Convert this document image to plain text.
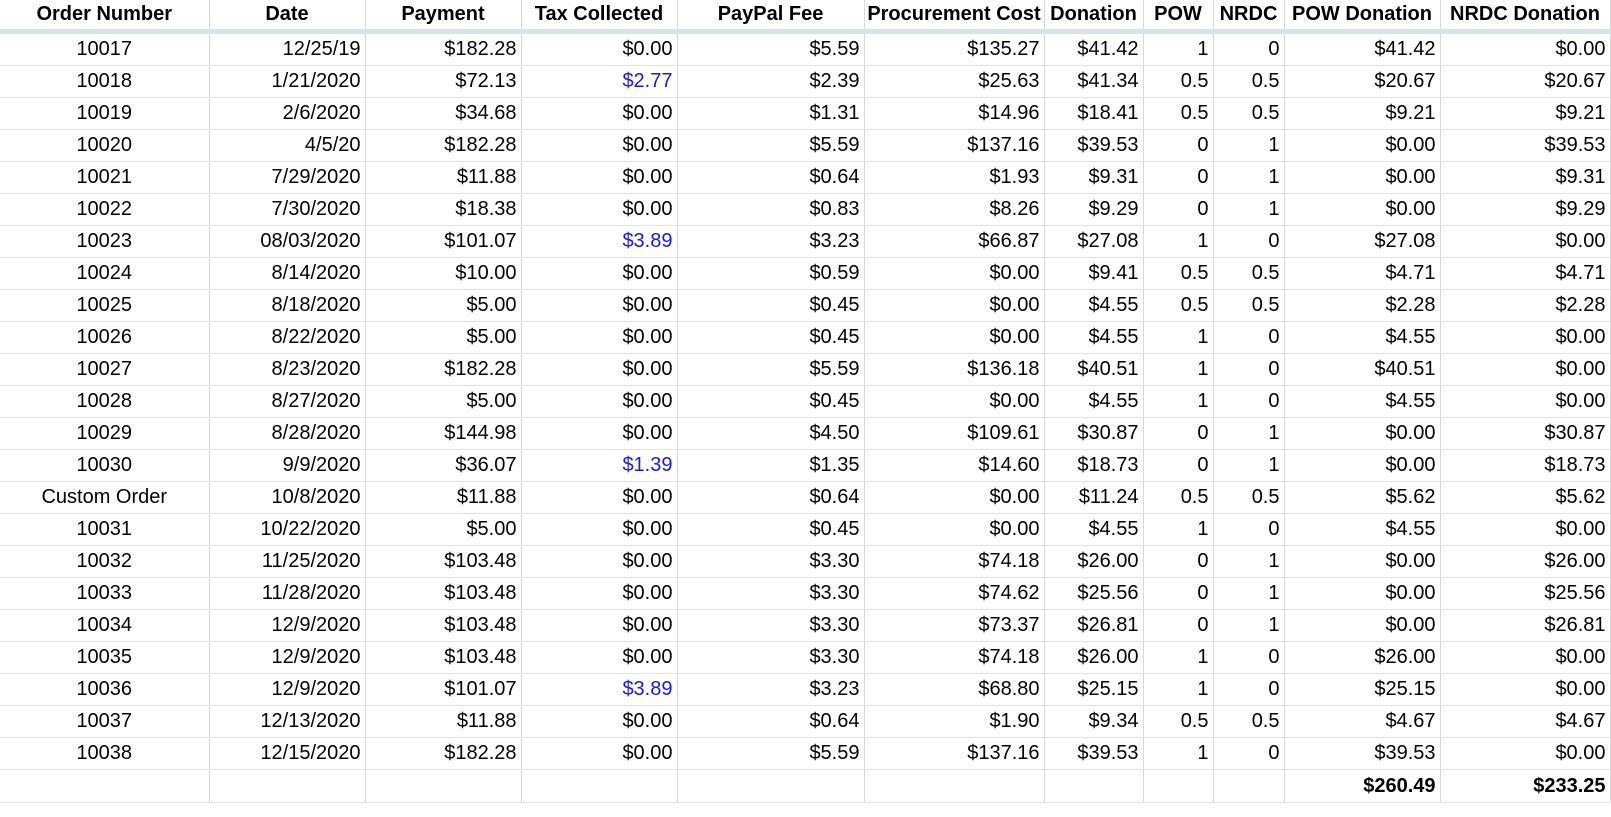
Order Number	Date	Payment	Tax Collected	PayPal Fee	Procurement Cost	Donation	POW	NRDC	POW Donation	NRDC Donation
10017	12/25/19	$182.28	$0.00	$5.59	$135.27	$41.42	1	0	$41.42	$0.00
10018	1/21/2020	$72.13	$2.77	$2.39	$25.63	$41.34	0.5	0.5	$20.67	$20.67
10019	2/6/2020	$34.68	$0.00	$1.31	$14.96	$18.41	0.5	0.5	$9.21	$9.21
10020	4/5/20	$182.28	$0.00	$5.59	$137.16	$39.53	0	1	$0.00	$39.53
10021	7/29/2020	$11.88	$0.00	$0.64	$1.93	$9.31	0	1	$0.00	$9.31
10022	7/30/2020	$18.38	$0.00	$0.83	$8.26	$9.29	0	1	$0.00	$9.29
10023	08/03/2020	$101.07	$3.89	$3.23	$66.87	$27.08	1	0	$27.08	$0.00
10024	8/14/2020	$10.00	$0.00	$0.59	$0.00	$9.41	0.5	0.5	$4.71	$4.71
10025	8/18/2020	$5.00	$0.00	$0.45	$0.00	$4.55	0.5	0.5	$2.28	$2.28
10026	8/22/2020	$5.00	$0.00	$0.45	$0.00	$4.55	1	0	$4.55	$0.00
10027	8/23/2020	$182.28	$0.00	$5.59	$136.18	$40.51	1	0	$40.51	$0.00
10028	8/27/2020	$5.00	$0.00	$0.45	$0.00	$4.55	1	0	$4.55	$0.00
10029	8/28/2020	$144.98	$0.00	$4.50	$109.61	$30.87	0	1	$0.00	$30.87
10030	9/9/2020	$36.07	$1.39	$1.35	$14.60	$18.73	0	1	$0.00	$18.73
Custom Order	10/8/2020	$11.88	$0.00	$0.64	$0.00	$11.24	0.5	0.5	$5.62	$5.62
10031	10/22/2020	$5.00	$0.00	$0.45	$0.00	$4.55	1	0	$4.55	$0.00
10032	11/25/2020	$103.48	$0.00	$3.30	$74.18	$26.00	0	1	$0.00	$26.00
10033	11/28/2020	$103.48	$0.00	$3.30	$74.62	$25.56	0	1	$0.00	$25.56
10034	12/9/2020	$103.48	$0.00	$3.30	$73.37	$26.81	0	1	$0.00	$26.81
10035	12/9/2020	$103.48	$0.00	$3.30	$74.18	$26.00	1	0	$26.00	$0.00
10036	12/9/2020	$101.07	$3.89	$3.23	$68.80	$25.15	1	0	$25.15	$0.00
10037	12/13/2020	$11.88	$0.00	$0.64	$1.90	$9.34	0.5	0.5	$4.67	$4.67
10038	12/15/2020	$182.28	$0.00	$5.59	$137.16	$39.53	1	0	$39.53	$0.00
									$260.49	$233.25
